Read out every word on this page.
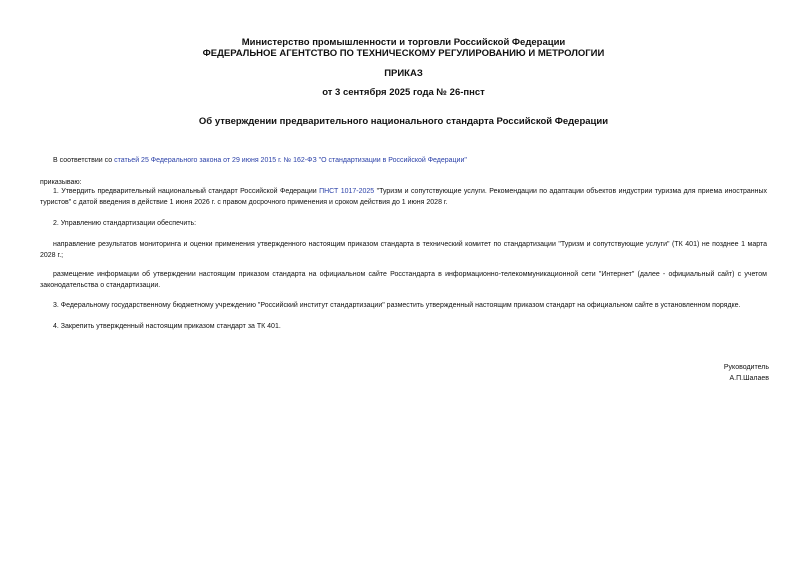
Министерство промышленности и торговли Российской Федерации
ФЕДЕРАЛЬНОЕ АГЕНТСТВО ПО ТЕХНИЧЕСКОМУ РЕГУЛИРОВАНИЮ И МЕТРОЛОГИИ
ПРИКАЗ
от 3 сентября 2025 года № 26-пнст
Об утверждении предварительного национального стандарта Российской Федерации
В соответствии со статьей 25 Федерального закона от 29 июня 2015 г. № 162-ФЗ "О стандартизации в Российской Федерации"
приказываю:
1. Утвердить предварительный национальный стандарт Российской Федерации ПНСТ 1017-2025 "Туризм и сопутствующие услуги. Рекомендации по адаптации объектов индустрии туризма для приема иностранных туристов" с датой введения в действие 1 июня 2026 г. с правом досрочного применения и сроком действия до 1 июня 2028 г.
2. Управлению стандартизации обеспечить:
направление результатов мониторинга и оценки применения утвержденного настоящим приказом стандарта в технический комитет по стандартизации "Туризм и сопутствующие услуги" (ТК 401) не позднее 1 марта 2028 г.;
размещение информации об утверждении настоящим приказом стандарта на официальном сайте Росстандарта в информационно-телекоммуникационной сети "Интернет" (далее - официальный сайт) с учетом законодательства о стандартизации.
3. Федеральному государственному бюджетному учреждению "Российский институт стандартизации" разместить утвержденный настоящим приказом стандарт на официальном сайте в установленном порядке.
4. Закрепить утвержденный настоящим приказом стандарт за ТК 401.
Руководитель
А.П.Шалаев
